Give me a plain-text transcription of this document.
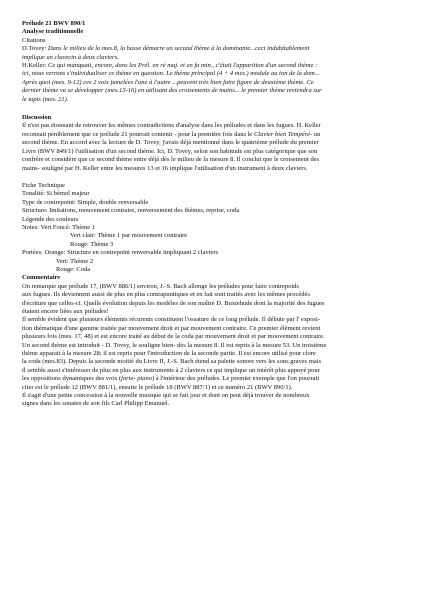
Prélude 21 BWV 890/1
Analyse traditionnelle
Citations
D.Tovey: Dans le milieu de la mes.8, la basse démarre un second thème à la dominante...ceci indubitablement
implique un clavecin à deux claviers.
H.Keller: Ce qui manquait, encore, dans les Prél. en ré maj. et en fa min., c'était l'apparition d'un second thème :
ici, nous verrons s'individualiser ce thème en question. Le thème principal (4 + 4 mes.) module au ton de la dom...
Après quoi (mes. 9-12) ces 2 voix jumelées l'une à l'autre ...peuvent très bien faire figure de deuxième thème. Ce
dernier thème va se développer (mes.13-16) en utilisant des croisements de mains... le premier thème reviendra sur
le tapis (mes. 21).
Discussion
Il n'est pas étonnant de retrouver les mêmes contradictions d'analyse dans les préludes et dans les fugues. H. Keller
reconnait péniblement que ce prélude 21 pourrait contenir - pour la première fois dans le Clavier bien Tempéré- un
second thème. En accord avec la lecture de D. Tovey, j'avais déjà mentionné dans le quatrième prélude du premier
Livre (BWV 849/1) l'utilisation d'un second thème. Ici, D. Tovey, selon son habitude est plus catégorique que son
confrère et considère que ce second thème entre déjà dès le milieu de la mesure 8. Il conclut que le croisement des
mains- souligné par H. Keller entre les mesures 13 et 16 implique l'utilisation d'un instrument à deux claviers.
Fiche Technique
Tonalité: Si bémol majeur
Type de contrepoint: Simple, double renversable
Structure: Imitations, mouvement contraire, renversement des thèmes, reprise, coda
Légende des couleurs
Notes: Vert Foncé: Thème 1
Vert clair: Thème 1 par mouvement contraire
Rouge: Thème 3
Portées: Orange: Structure en contrepoint renversable impliquant 2 claviers
Vert: Thème 2
Rouge: Coda
Commentaire
On remarque que prélude 17, (BWV 886/1) environ, J.-S. Bach allonge les préludes pour faire contrepoids
aux fugues. Ils deviennent aussi de plus en plus contrapuntiques et en fait sont traités avec les mêmes procédés
d'écriture que celles-ci. Quelle évolution depuis les modèles de son maître D. Buxtehude dont la majorité des fugues
étaient encore liées aux préludes!
Il semble évident que plusieurs éléments récurents constituent l'ossature de ce long prélude. Il débute par l' exposi-
tion thématique d'une gamme traitée par mouvement droit et par mouvement contraire. Ce premier élément revient
plusieurs fois (mes. 17, 48) et est encore traité au début de la coda par mouvement droit et par mouvement contraire.
Un second thème est introduit - D. Tovey, le souligne bien- dès la mesure 8. Il est repris à la mesure 53. Un troisième
thème apparait à la mesure 28; il est repris pour l'introduction de la seconde partie. Il est encore utilisé pour clore
la coda (mes.83). Depuis la seconde moitié du Livre II, J.-S. Bach étend sa palette sonore vers les sons graves mais
il semble aussi s'intéresser de plus en plus aux instruments à 2 claviers ce qui implique un intérêt plus appuyé pour
les oppositions dynamiques des voix (forte- piano) à l'intérieur des préludes. Le premier exemple que l'on pourrait
citer est le prélude 12 (BWV 881/1), ensuite le prélude 18 (BWV 887/1) et ce numéro 21 (BWV 890/1).
Il s'agit d'une petite concession à la nouvelle musique qui se fait jour et dont on peut déjà trouver de nombreux
signes dans les sonates de son fils Carl Philipp Emanuel.
